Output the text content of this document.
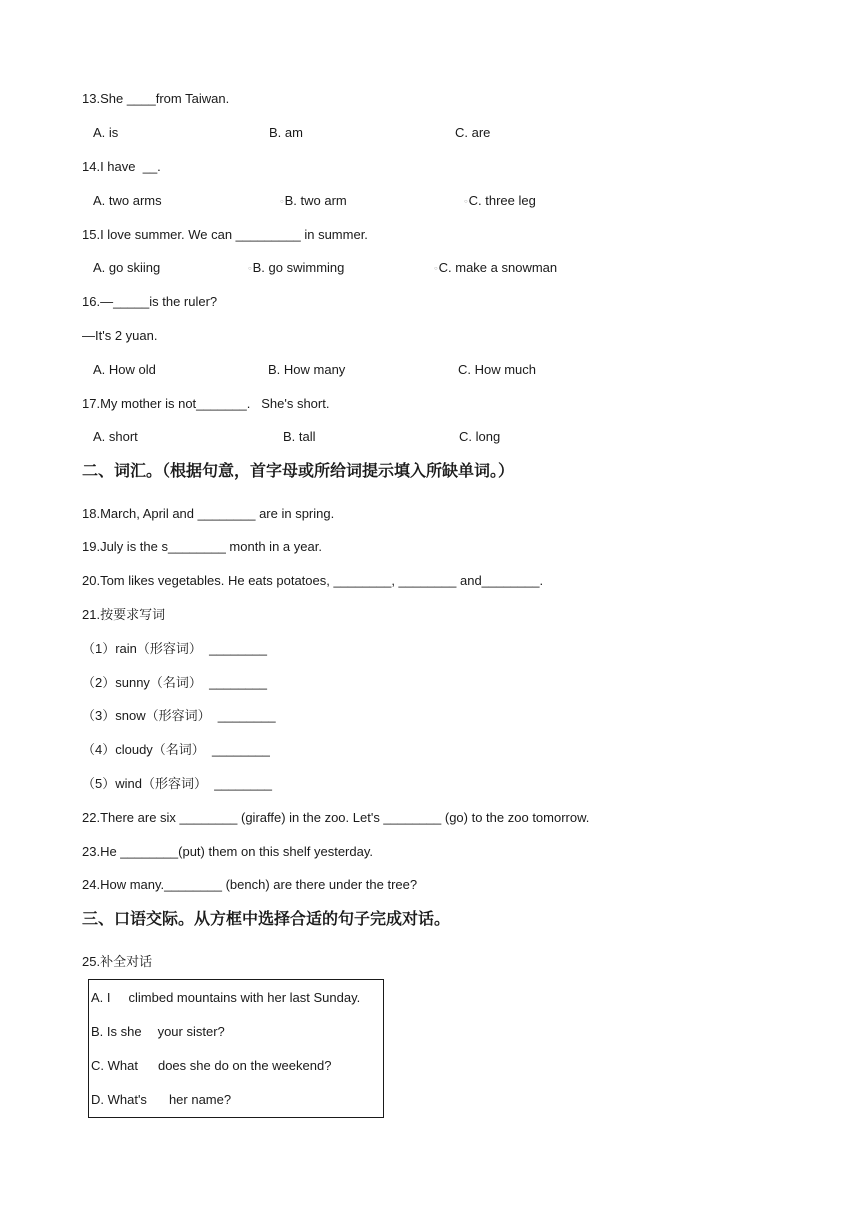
13.She ____from Taiwan.
A. is	B. am	C. are
14.I have  __.
A. two arms	○B. two arm	○C. three leg
15.I love summer. We can _________ in summer.
A. go skiing	○B. go swimming	○C. make a snowman
16.—_____is the ruler?
—It's 2 yuan.
A. How old	B. How many	C. How much
17.My mother is not_______.   She's short.
A. short	B. tall	C. long
二、词汇。（根据句意，首字母或所给词提示填入所缺单词。）
18.March, April and ________ are in spring.
19.July is the s________ month in a year.
20.Tom likes vegetables. He eats potatoes, ________, ________ and________.
21.按要求写词
（1）rain（形容词）  ________
（2）sunny（名词）  ________
（3）snow（形容词）  ________
（4）cloudy（名词）  ________
（5）wind（形容词）  ________
22.There are six ________ (giraffe) in the zoo. Let's ________ (go) to the zoo tomorrow.
23.He ________(put) them on this shelf yesterday.
24.How many.________ (bench) are there under the tree?
三、口语交际。从方框中选择合适的句子完成对话。
25.补全对话
A. I climbed mountains with her last Sunday.
B. Is she your sister?
C. What does she do on the weekend?
D. What's her name?
